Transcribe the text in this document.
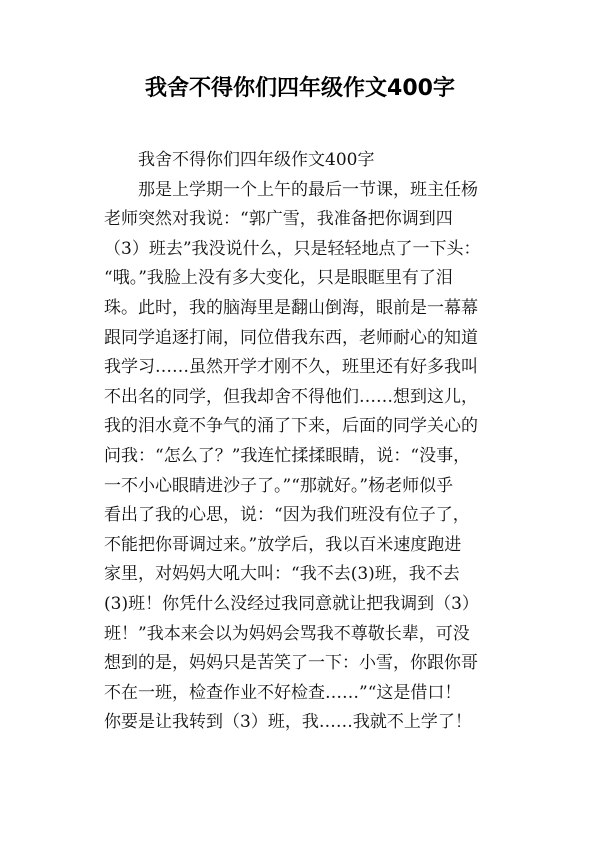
我舍不得你们四年级作文400字
我舍不得你们四年级作文400字
那是上学期一个上午的最后一节课，班主任杨
老师突然对我说：“郭广雪，我准备把你调到四
（3）班去”我没说什么，只是轻轻地点了一下头：
“哦。”我脸上没有多大变化，只是眼眶里有了泪
珠。此时，我的脑海里是翻山倒海，眼前是一幕幕
跟同学追逐打闹，同位借我东西，老师耐心的知道
我学习……虽然开学才刚不久，班里还有好多我叫
不出名的同学，但我却舍不得他们……想到这儿，
我的泪水竟不争气的涌了下来，后面的同学关心的
问我：“怎么了？”我连忙揉揉眼睛，说：“没事，
一不小心眼睛进沙子了。”“那就好。”杨老师似乎
看出了我的心思，说：“因为我们班没有位子了，
不能把你哥调过来。”放学后，我以百米速度跑进
家里，对妈妈大吼大叫：“我不去(3)班，我不去
(3)班！你凭什么没经过我同意就让把我调到（3）
班！”我本来会以为妈妈会骂我不尊敬长辈，可没
想到的是，妈妈只是苦笑了一下：小雪，你跟你哥
不在一班，检查作业不好检查……”“这是借口！
你要是让我转到（3）班，我……我就不上学了！
